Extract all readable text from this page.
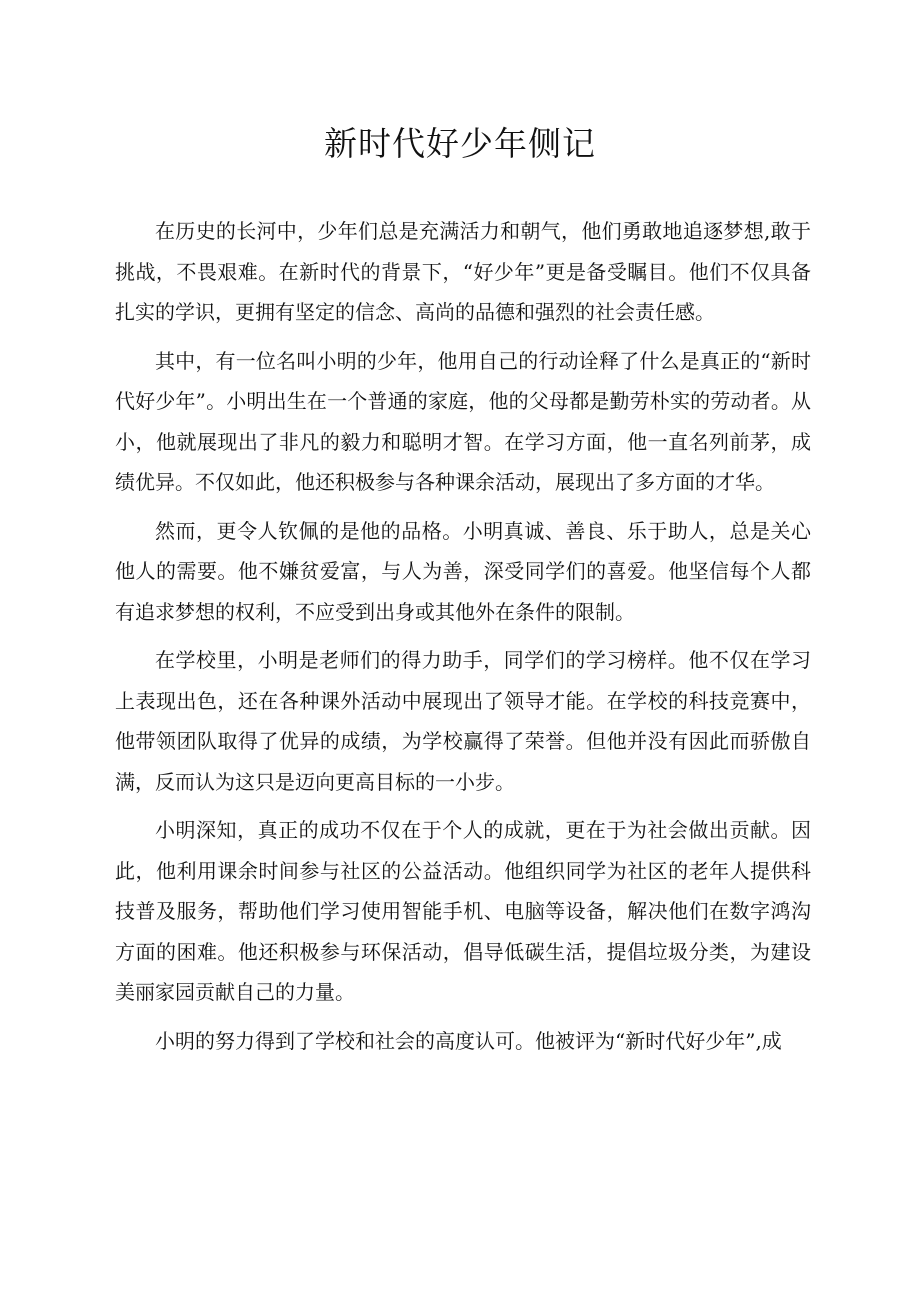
新时代好少年侧记

在历史的长河中，少年们总是充满活力和朝气，他们勇敢地追逐梦想,敢于挑战，不畏艰难。在新时代的背景下，“好少年”更是备受瞩目。他们不仅具备扎实的学识，更拥有坚定的信念、高尚的品德和强烈的社会责任感。

其中，有一位名叫小明的少年，他用自己的行动诠释了什么是真正的“新时代好少年”。小明出生在一个普通的家庭，他的父母都是勤劳朴实的劳动者。从小，他就展现出了非凡的毅力和聪明才智。在学习方面，他一直名列前茅，成绩优异。不仅如此，他还积极参与各种课余活动，展现出了多方面的才华。

然而，更令人钦佩的是他的品格。小明真诚、善良、乐于助人，总是关心他人的需要。他不嫌贫爱富，与人为善，深受同学们的喜爱。他坚信每个人都有追求梦想的权利，不应受到出身或其他外在条件的限制。

在学校里，小明是老师们的得力助手，同学们的学习榜样。他不仅在学习上表现出色，还在各种课外活动中展现出了领导才能。在学校的科技竞赛中，他带领团队取得了优异的成绩，为学校赢得了荣誉。但他并没有因此而骄傲自满，反而认为这只是迈向更高目标的一小步。

小明深知，真正的成功不仅在于个人的成就，更在于为社会做出贡献。因此，他利用课余时间参与社区的公益活动。他组织同学为社区的老年人提供科技普及服务，帮助他们学习使用智能手机、电脑等设备，解决他们在数字鸿沟方面的困难。他还积极参与环保活动，倡导低碳生活，提倡垃圾分类，为建设美丽家园贡献自己的力量。

小明的努力得到了学校和社会的高度认可。他被评为“新时代好少年”,成
